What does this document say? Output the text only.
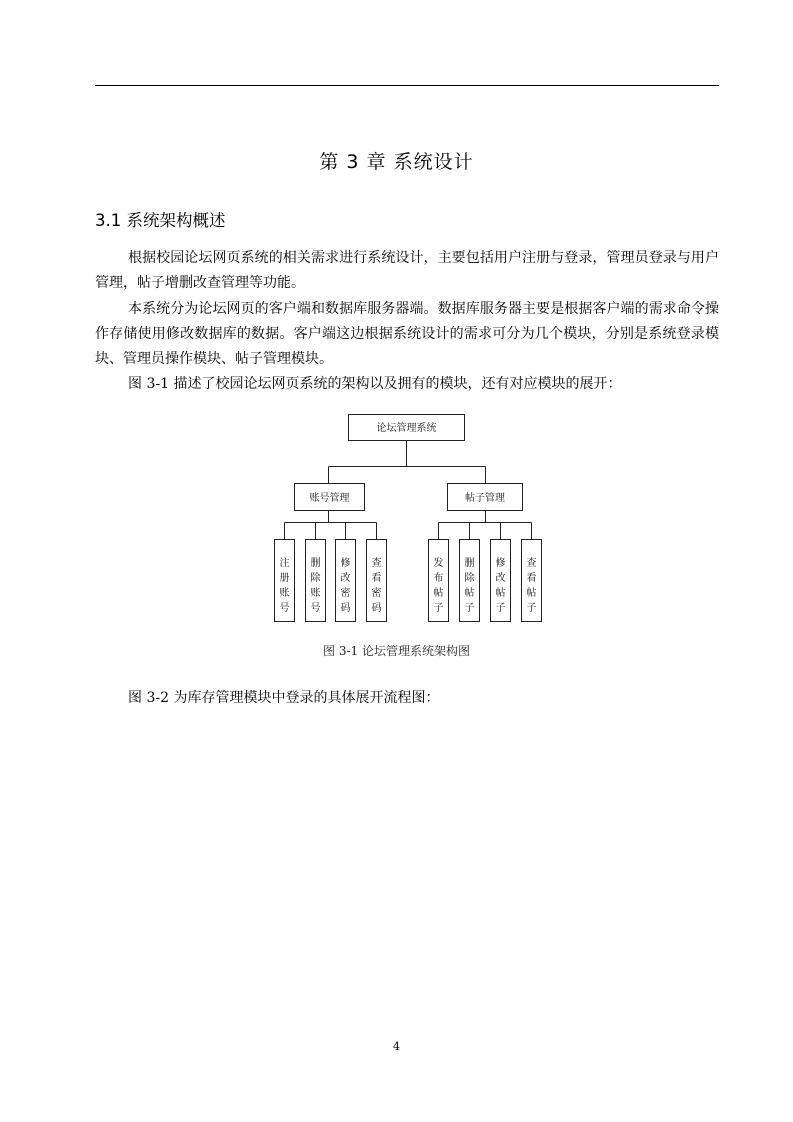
第 3 章 系统设计
3.1 系统架构概述

根据校园论坛网页系统的相关需求进行系统设计，主要包括用户注册与登录，管理员登录与用户管理，帖子增删改查管理等功能。

本系统分为论坛网页的客户端和数据库服务器端。数据库服务器主要是根据客户端的需求命令操作存储使用修改数据库的数据。客户端这边根据系统设计的需求可分为几个模块，分别是系统登录模块、管理员操作模块、帖子管理模块。

图 3-1 描述了校园论坛网页系统的架构以及拥有的模块，还有对应模块的展开：

论坛管理系统
账号管理	帖子管理
注册账号
删除账号
修改密码
查看密码
发布帖子
删除帖子
修改帖子
查看帖子
图 3-1 论坛管理系统架构图

图 3-2 为库存管理模块中登录的具体展开流程图：

4
